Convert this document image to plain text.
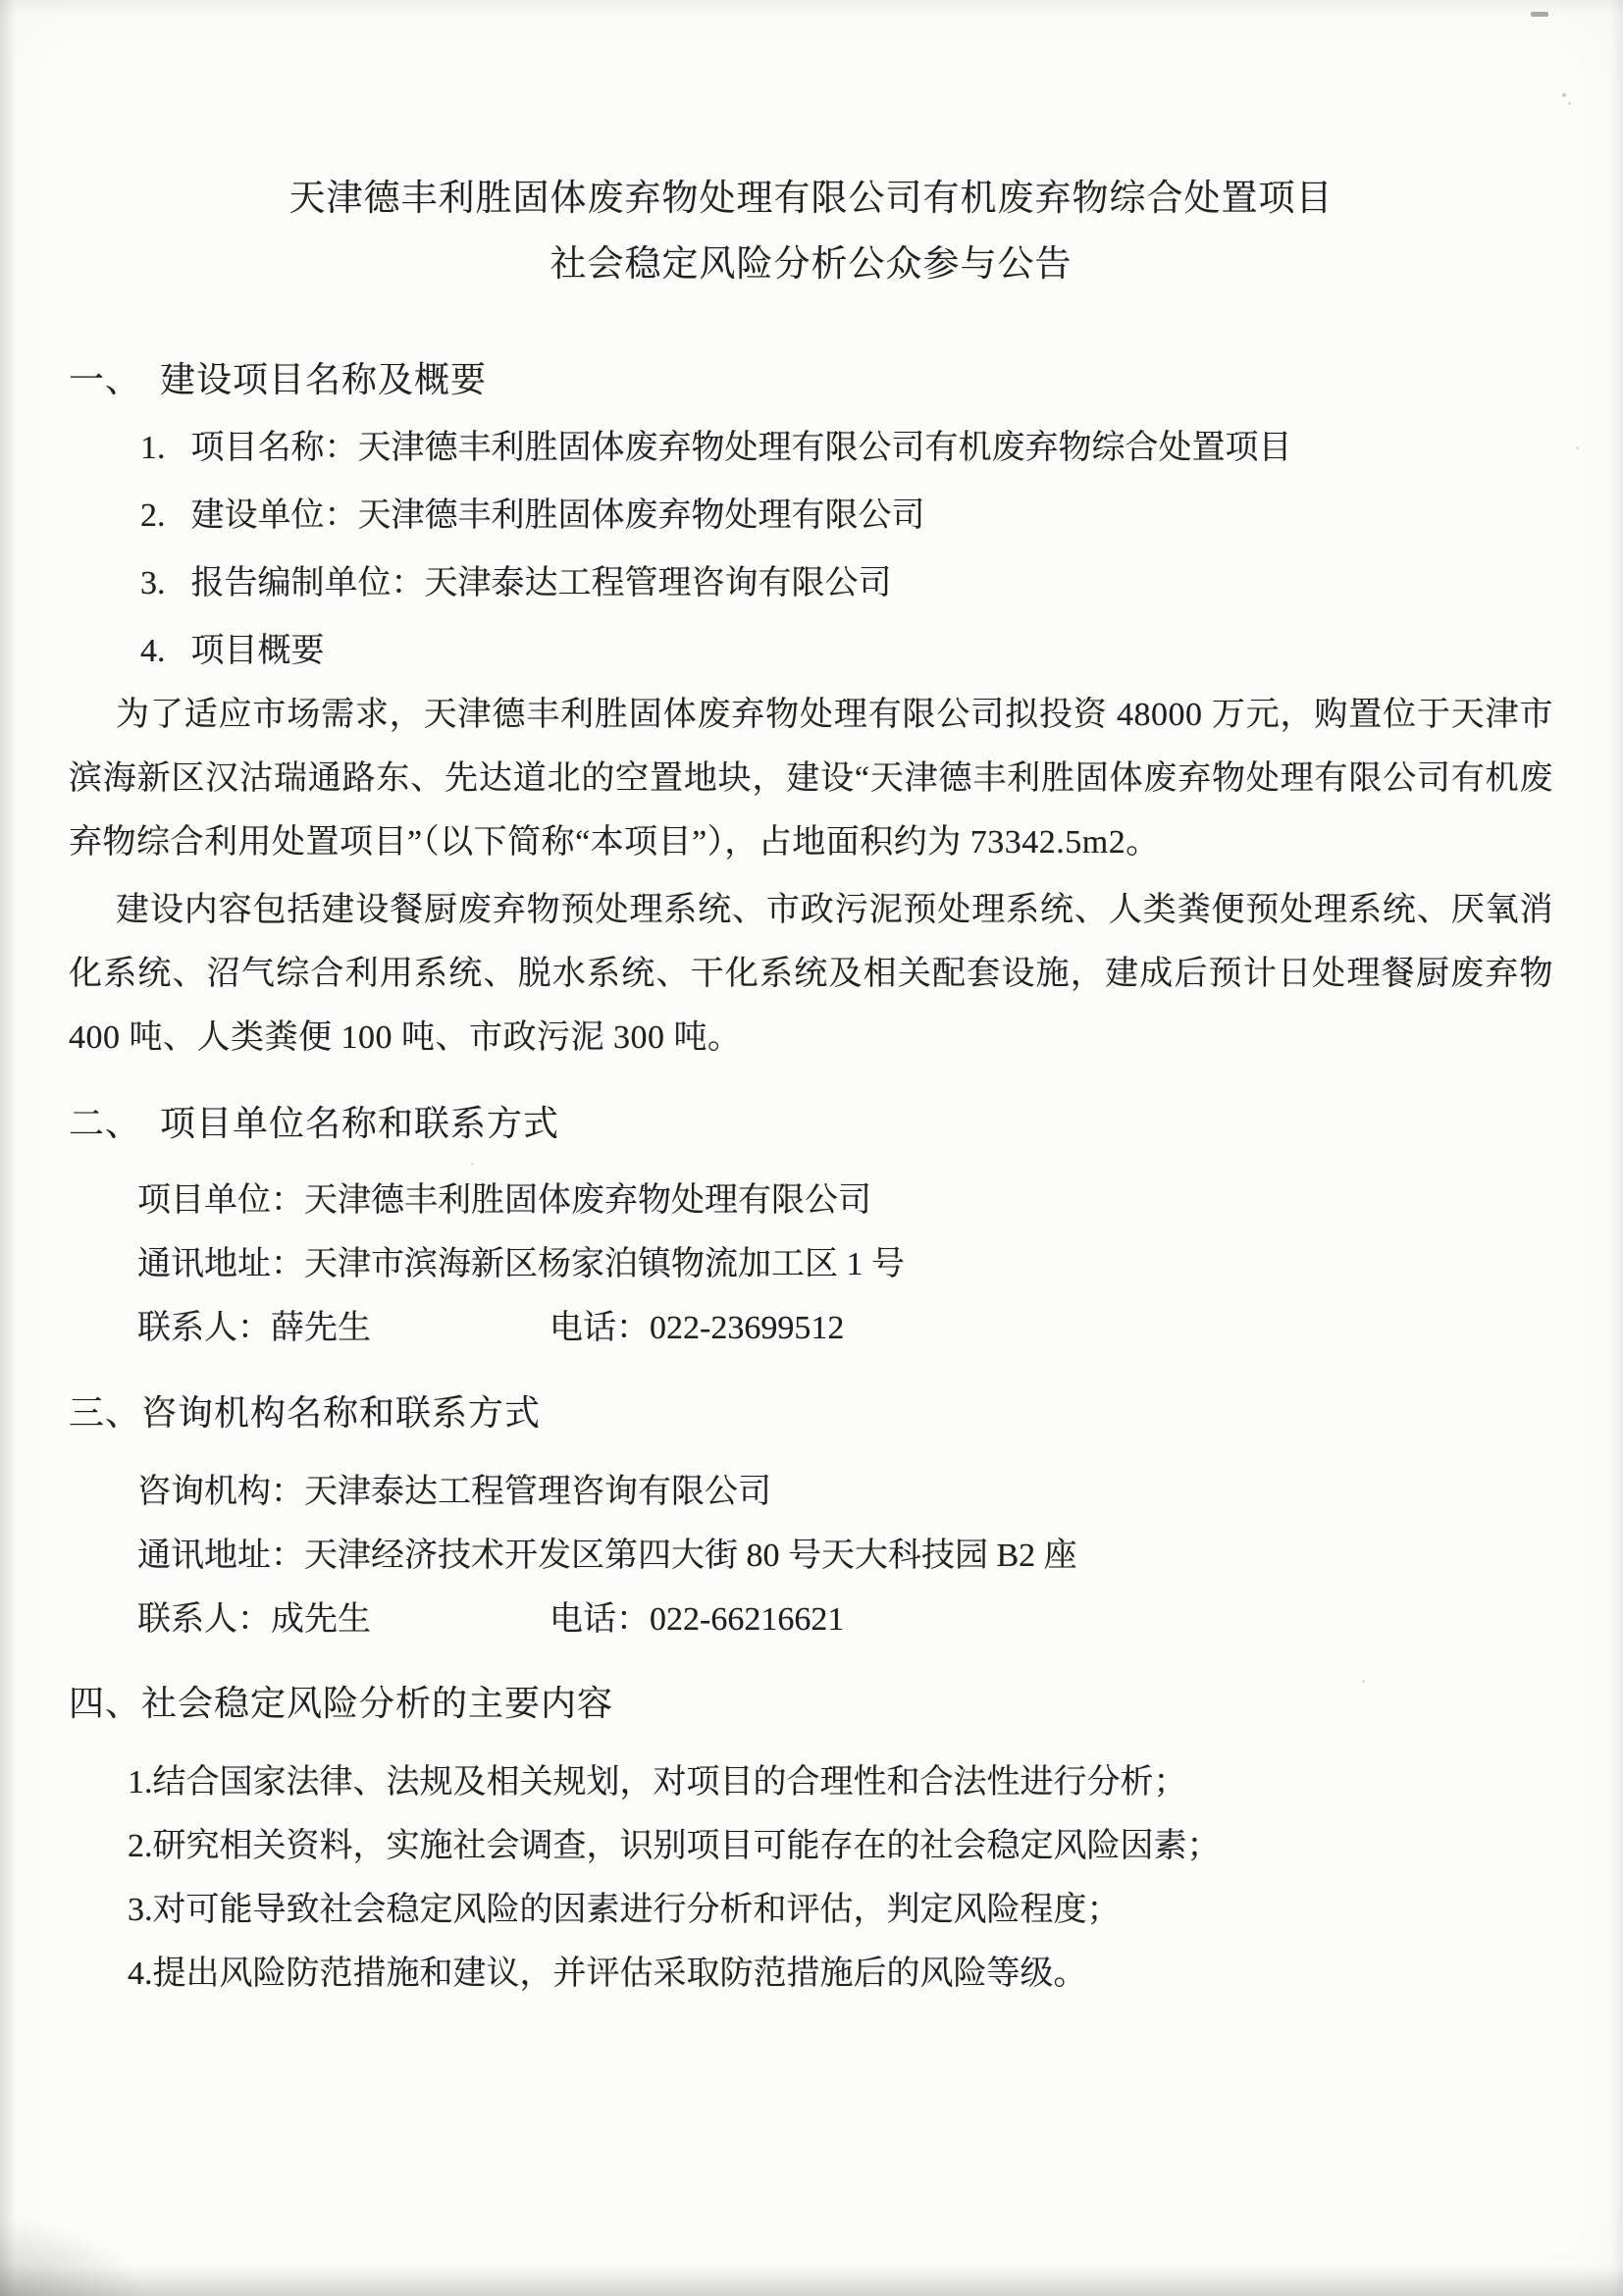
天津德丰利胜固体废弃物处理有限公司有机废弃物综合处置项目
社会稳定风险分析公众参与公告
一、　建设项目名称及概要
1. 项目名称：天津德丰利胜固体废弃物处理有限公司有机废弃物综合处置项目
2. 建设单位：天津德丰利胜固体废弃物处理有限公司
3. 报告编制单位：天津泰达工程管理咨询有限公司
4. 项目概要
为了适应市场需求，天津德丰利胜固体废弃物处理有限公司拟投资 48000 万元，购置位于天津市滨海新区汉沽瑞通路东、先达道北的空置地块，建设“天津德丰利胜固体废弃物处理有限公司有机废弃物综合利用处置项目”（以下简称“本项目”），占地面积约为 73342.5m2。
建设内容包括建设餐厨废弃物预处理系统、市政污泥预处理系统、人类粪便预处理系统、厌氧消化系统、沼气综合利用系统、脱水系统、干化系统及相关配套设施，建成后预计日处理餐厨废弃物 400 吨、人类粪便 100 吨、市政污泥 300 吨。
二、　项目单位名称和联系方式
项目单位：天津德丰利胜固体废弃物处理有限公司
通讯地址：天津市滨海新区杨家泊镇物流加工区 1 号
联系人：薛先生	电话：022-23699512
三、咨询机构名称和联系方式
咨询机构：天津泰达工程管理咨询有限公司
通讯地址：天津经济技术开发区第四大街 80 号天大科技园 B2 座
联系人：成先生	电话：022-66216621
四、社会稳定风险分析的主要内容
1.结合国家法律、法规及相关规划，对项目的合理性和合法性进行分析；
2.研究相关资料，实施社会调查，识别项目可能存在的社会稳定风险因素；
3.对可能导致社会稳定风险的因素进行分析和评估，判定风险程度；
4.提出风险防范措施和建议，并评估采取防范措施后的风险等级。
